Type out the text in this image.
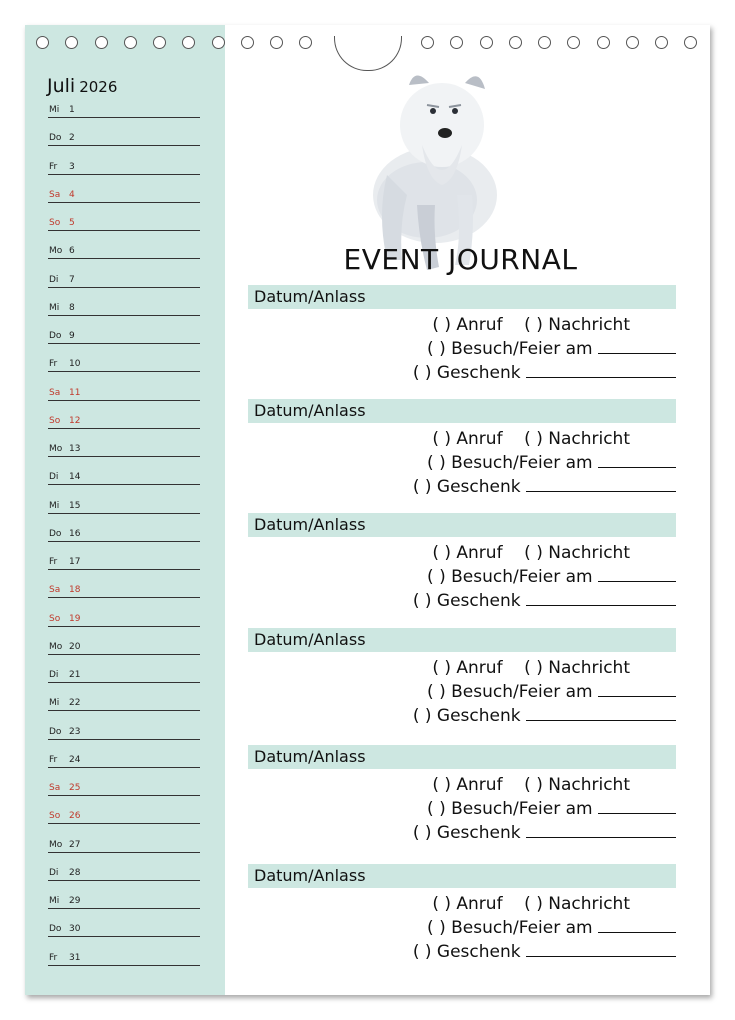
Juli 2026
Mi 1
Do 2
Fr 3
Sa 4
So 5
Mo 6
Di 7
Mi 8
Do 9
Fr 10
Sa 11
So 12
Mo 13
Di 14
Mi 15
Do 16
Fr 17
Sa 18
So 19
Mo 20
Di 21
Mi 22
Do 23
Fr 24
Sa 25
So 26
Mo 27
Di 28
Mi 29
Do 30
Fr 31
EVENT JOURNAL
Datum/Anlass
( ) Anruf    ( ) Nachricht
( ) Besuch/Feier am
( ) Geschenk
Datum/Anlass
( ) Anruf    ( ) Nachricht
( ) Besuch/Feier am
( ) Geschenk
Datum/Anlass
( ) Anruf    ( ) Nachricht
( ) Besuch/Feier am
( ) Geschenk
Datum/Anlass
( ) Anruf    ( ) Nachricht
( ) Besuch/Feier am
( ) Geschenk
Datum/Anlass
( ) Anruf    ( ) Nachricht
( ) Besuch/Feier am
( ) Geschenk
Datum/Anlass
( ) Anruf    ( ) Nachricht
( ) Besuch/Feier am
( ) Geschenk
